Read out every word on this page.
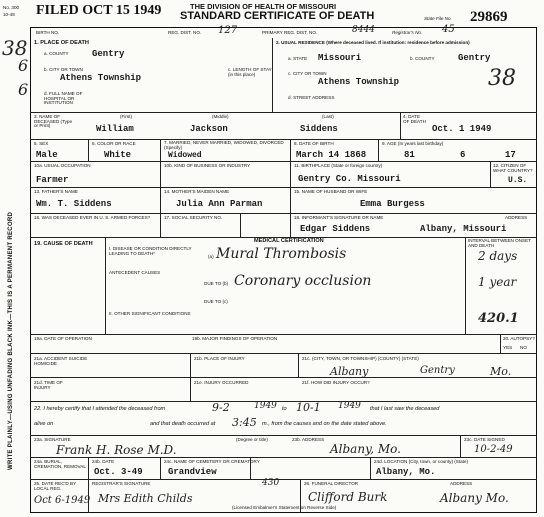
No. 300
10-48 FILED OCT 15 1949	THE DIVISION OF HEALTH OF MISSOURI
STANDARD CERTIFICATE OF DEATH	State File No. 29869
BIRTH NO.	REG. DIST. NO. 127	PRIMARY REG. DIST. NO.	8444	Registrar's No. 45
38
6
6
WRITE PLAINLY—USING UNFADING BLACK INK—THIS IS A PERMANENT RECORD
1. PLACE OF DEATH
a. COUNTY	Gentry
b. CITY OR TOWN
Athens Township
c. LENGTH OF STAY (in this place)
d. FULL NAME OF HOSPITAL OR INSTITUTION
2. USUAL RESIDENCE (Where deceased lived. If institution: residence before admission)
a. STATE Missouri	b. COUNTY	Gentry
c. CITY OR TOWN
Athens Township	38
d. STREET ADDRESS
3. NAME OF DECEASED (Type or Print)
(First)
William
(Middle)
Jackson
(Last)
Siddens
4. DATE OF DEATH
Oct. 1 1949
5. SEX
Male
6. COLOR OR RACE
White
7. MARRIED, NEVER MARRIED, WIDOWED, DIVORCED (Specify)
Widowed
8. DATE OF BIRTH
March 14 1868
9. AGE (In years last birthday)
81	6	17
10a. USUAL OCCUPATION
Farmer
10b. KIND OF BUSINESS OR INDUSTRY	11. BIRTHPLACE (State or foreign country)
Gentry Co. Missouri
12. CITIZEN OF WHAT COUNTRY?
U.S.
13. FATHER'S NAME
Wm. T. Siddens
14. MOTHER'S MAIDEN NAME
Julia Ann Parman
15. NAME OF HUSBAND OR WIFE
Emma Burgess
16. WAS DECEASED EVER IN U. S. ARMED FORCES?	17. SOCIAL SECURITY NO.	18. INFORMANT'S SIGNATURE OR NAME	ADDRESS
Edgar Siddens	Albany, Missouri
MEDICAL CERTIFICATION
19. CAUSE OF DEATH
I. DISEASE OR CONDITION DIRECTLY LEADING TO DEATH*
(a) Mural Thrombosis
ANTECEDENT CAUSES
DUE TO (b) Coronary occlusion
DUE TO (c)
II. OTHER SIGNIFICANT CONDITIONS
INTERVAL BETWEEN ONSET AND DEATH
2 days
1 year
420.1
19a. DATE OF OPERATION	19b. MAJOR FINDINGS OF OPERATION	20. AUTOPSY?
YES NO
21a. ACCIDENT SUICIDE HOMICIDE
21b. PLACE OF INJURY	21c. (CITY, TOWN, OR TOWNSHIP) (COUNTY) (STATE)
Albany	Gentry	Mo.
21d. TIME OF INJURY
21e. INJURY OCCURRED	21f. HOW DID INJURY OCCUR?
22. I hereby certify that I attended the deceased from	9-2	1949 to 10-1 1949 that I last saw the deceased
alive on	and that death occurred at 3:45 m., from the causes and on the date stated above.
23a. SIGNATURE
Frank H. Rose M.D.
(Degree or title)	23b. ADDRESS
Albany, Mo.
23c. DATE SIGNED
10-2-49
24a. BURIAL, CREMATION, REMOVAL
24b. DATE
Oct. 3-49
24c. NAME OF CEMETERY OR CREMATORY
Grandview
24d. LOCATION (City, town, or county) (State)
Albany, Mo.
25. DATE REC'D BY LOCAL REG.
Oct 6-1949
REGISTRAR'S SIGNATURE
Mrs Edith Childs
430	26. FUNERAL DIRECTOR
Clifford Burk
ADDRESS
Albany Mo.
(Licensed Embalmer's Statement on Reverse Side)
